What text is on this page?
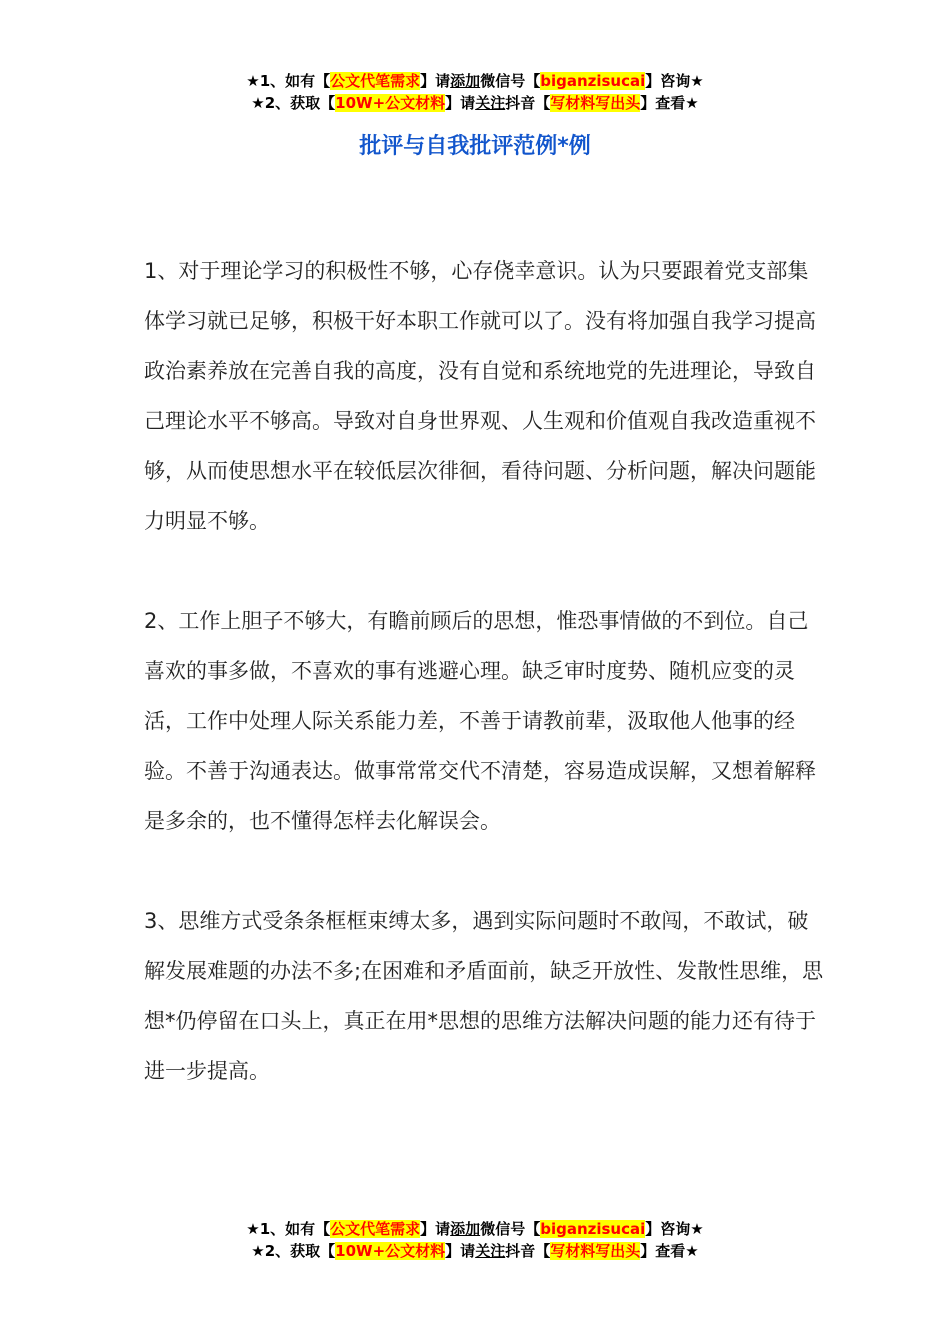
★1、如有【公文代笔需求】请添加微信号【biganzisucai】咨询★
★2、获取【10W+公文材料】请关注抖音【写材料写出头】查看★
批评与自我批评范例*例

1、对于理论学习的积极性不够，心存侥幸意识。认为只要跟着党支部集体学习就已足够，积极干好本职工作就可以了。没有将加强自我学习提高政治素养放在完善自我的高度，没有自觉和系统地党的先进理论，导致自己理论水平不够高。导致对自身世界观、人生观和价值观自我改造重视不够，从而使思想水平在较低层次徘徊，看待问题、分析问题，解决问题能力明显不够。

2、工作上胆子不够大，有瞻前顾后的思想，惟恐事情做的不到位。自己喜欢的事多做，不喜欢的事有逃避心理。缺乏审时度势、随机应变的灵活，工作中处理人际关系能力差，不善于请教前辈，汲取他人他事的经验。不善于沟通表达。做事常常交代不清楚，容易造成误解，又想着解释是多余的，也不懂得怎样去化解误会。

3、思维方式受条条框框束缚太多，遇到实际问题时不敢闯，不敢试，破解发展难题的办法不多;在困难和矛盾面前，缺乏开放性、发散性思维，思想*仍停留在口头上，真正在用*思想的思维方法解决问题的能力还有待于进一步提高。

★1、如有【公文代笔需求】请添加微信号【biganzisucai】咨询★
★2、获取【10W+公文材料】请关注抖音【写材料写出头】查看★
